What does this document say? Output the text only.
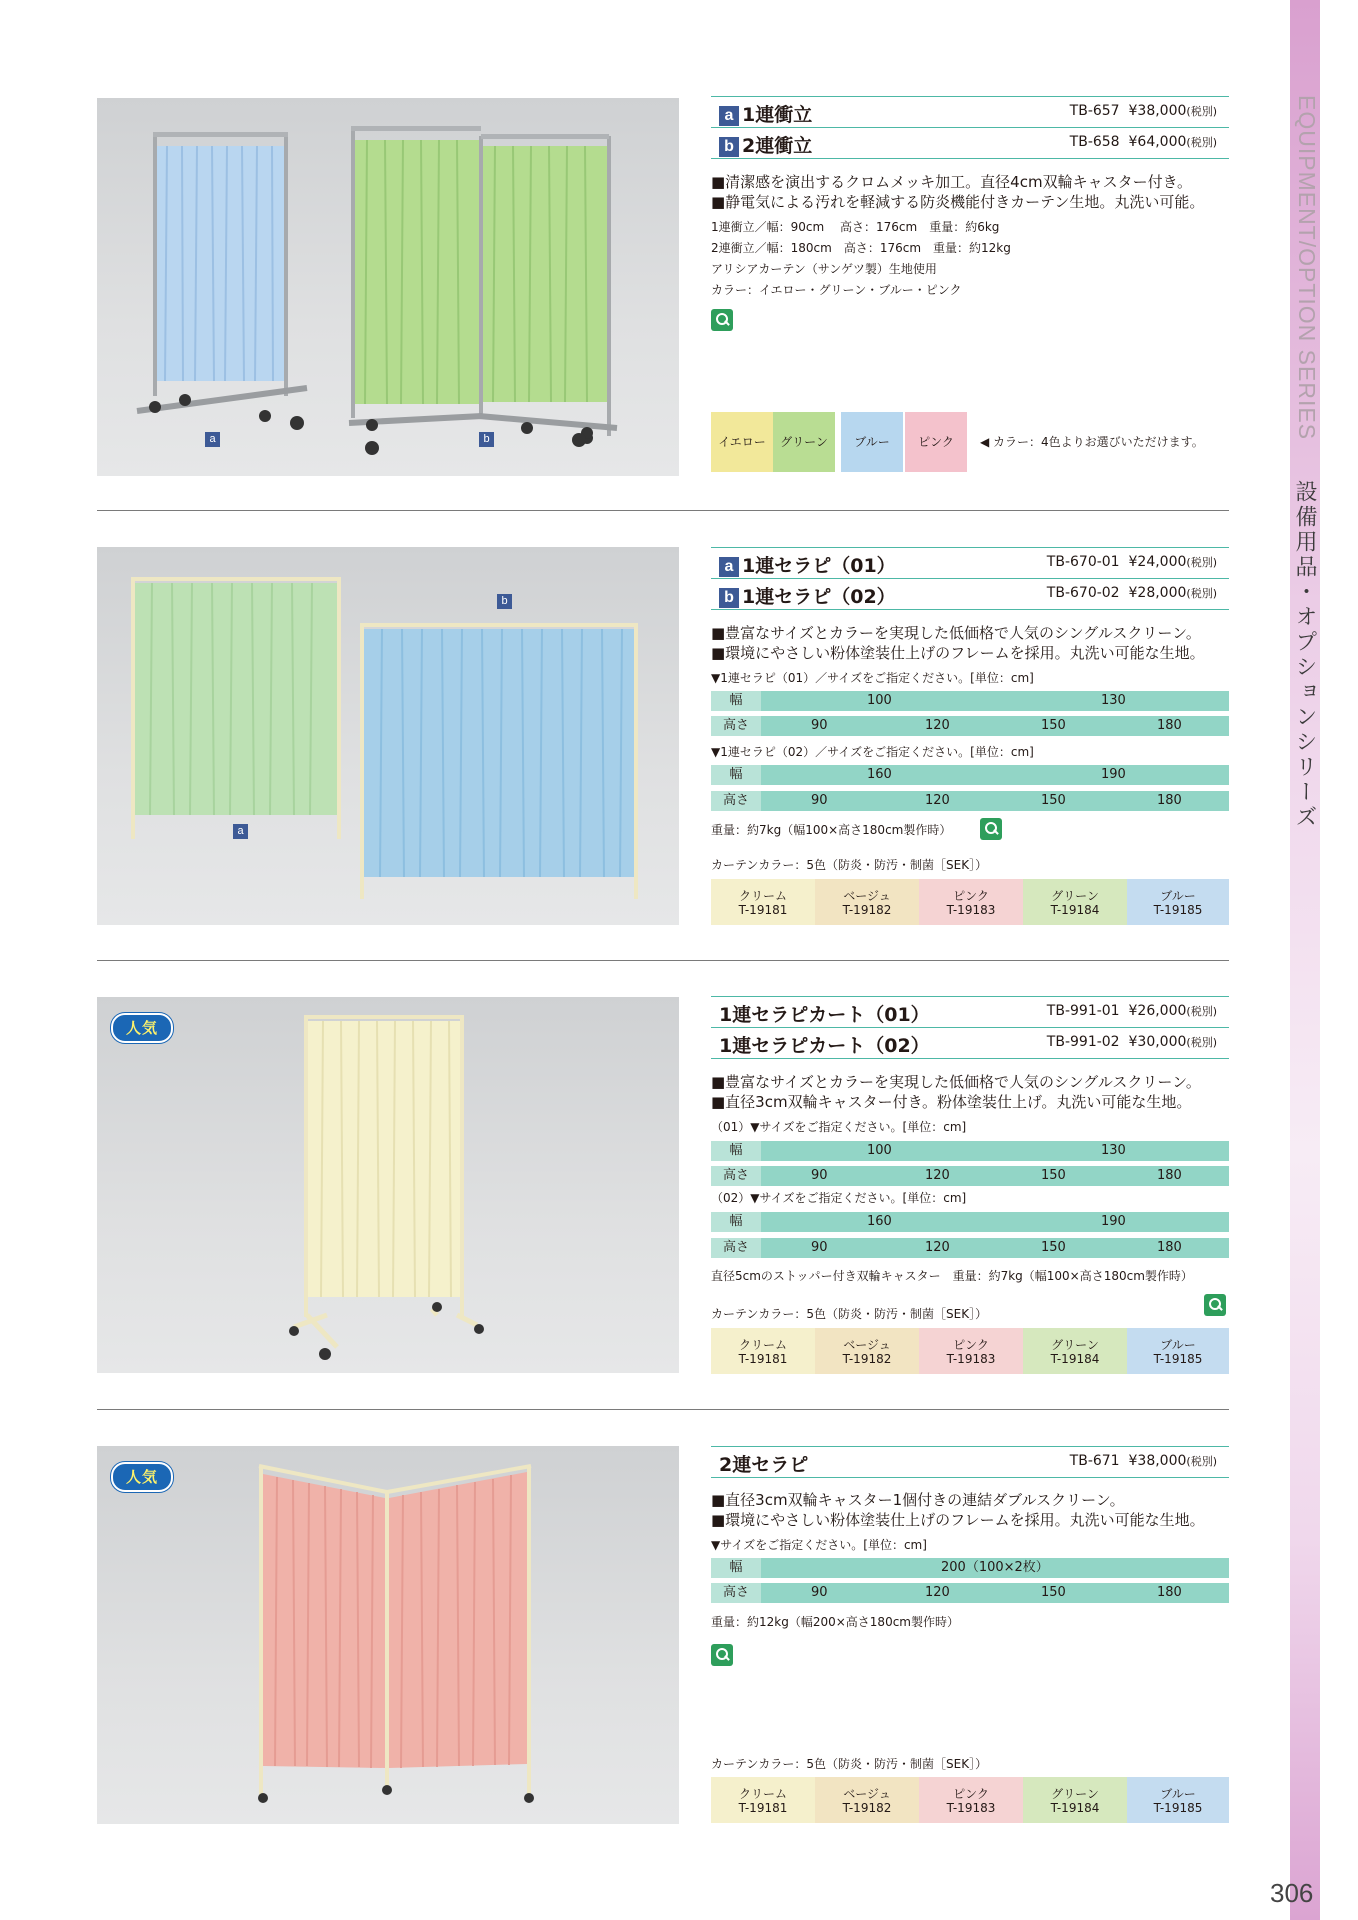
EQUIPMENT/OPTION SERIES
設備用品・オプションシリーズ
306
a	b
a 1連衝立	TB-657 ¥38,000(税別)
b 2連衝立	TB-658 ¥64,000(税別)
■清潔感を演出するクロムメッキ加工。直径4cm双輪キャスター付き。
■静電気による汚れを軽減する防炎機能付きカーテン生地。丸洗い可能。
1連衝立／幅：90cm　 高さ：176cm　重量：約6kg
2連衝立／幅：180cm　高さ：176cm　重量：約12kg
アリシアカーテン（サンゲツ製）生地使用
カラー：イエロー・グリーン・ブルー・ピンク
イエロー	グリーン	ブルー	ピンク	◀ カラー：4色よりお選びいただけます。
a
b
a 1連セラピ（01）	TB-670-01 ¥24,000(税別)
b 1連セラピ（02）	TB-670-02 ¥28,000(税別)
■豊富なサイズとカラーを実現した低価格で人気のシングルスクリーン。
■環境にやさしい粉体塗装仕上げのフレームを採用。丸洗い可能な生地。
▼1連セラピ（01）／サイズをご指定ください。[単位：cm]
幅	100	130
高さ	90	120	150	180
▼1連セラピ（02）／サイズをご指定ください。[単位：cm]
幅	160	190
高さ	90	120	150	180
重量：約7kg（幅100×高さ180cm製作時）
カーテンカラー：5色（防炎・防汚・制菌［SEK］）
クリーム
T-19181
ベージュ
T-19182
ピンク
T-19183
グリーン
T-19184
ブルー
T-19185
人気
1連セラピカート（01）	TB-991-01 ¥26,000(税別)
1連セラピカート（02）	TB-991-02 ¥30,000(税別)
■豊富なサイズとカラーを実現した低価格で人気のシングルスクリーン。
■直径3cm双輪キャスター付き。粉体塗装仕上げ。丸洗い可能な生地。
（01）▼サイズをご指定ください。[単位：cm]
幅	100	130
高さ	90	120	150	180
（02）▼サイズをご指定ください。[単位：cm]
幅	160	190
高さ	90	120	150	180
直径5cmのストッパー付き双輪キャスター　重量：約7kg（幅100×高さ180cm製作時）
カーテンカラー：5色（防炎・防汚・制菌［SEK］）
クリーム
T-19181
ベージュ
T-19182
ピンク
T-19183
グリーン
T-19184
ブルー
T-19185
人気
2連セラピ	TB-671 ¥38,000(税別)
■直径3cm双輪キャスター1個付きの連結ダブルスクリーン。
■環境にやさしい粉体塗装仕上げのフレームを採用。丸洗い可能な生地。
▼サイズをご指定ください。[単位：cm]
幅	200（100×2枚）
高さ	90	120	150	180
重量：約12kg（幅200×高さ180cm製作時）
カーテンカラー：5色（防炎・防汚・制菌［SEK］）
クリーム
T-19181
ベージュ
T-19182
ピンク
T-19183
グリーン
T-19184
ブルー
T-19185
